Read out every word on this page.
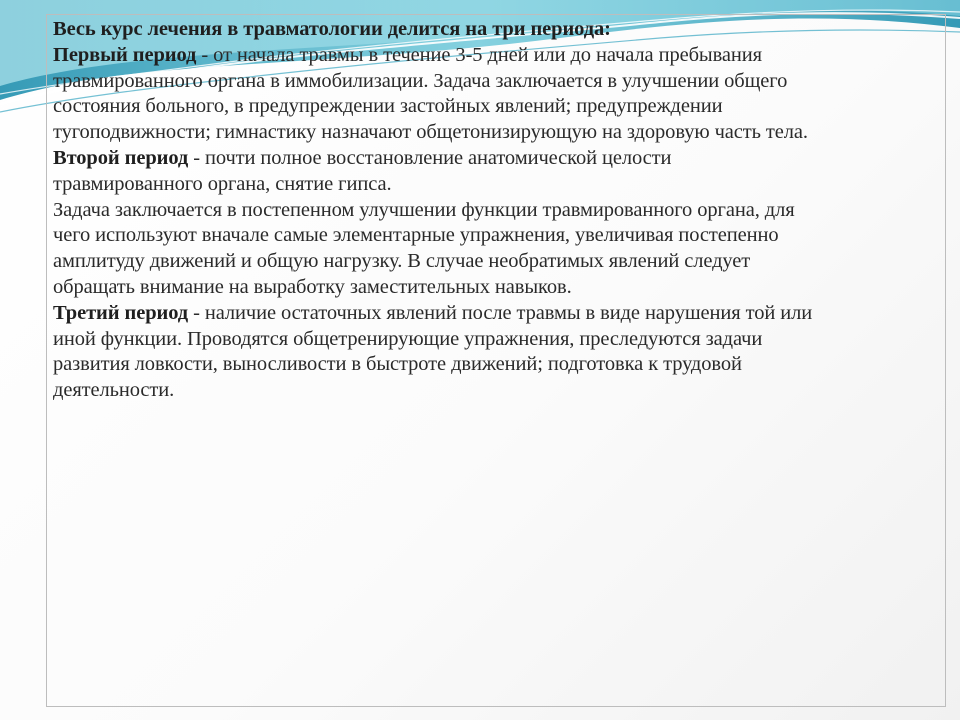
Весь курс лечения в травматологии делится на три периода:

Первый период - от начала травмы в течение 3-5 дней или до начала пребывания травмированного органа в иммобилизации. Задача заключается в улучшении общего состояния больного, в предупреждении застойных явлений; предупреждении тугоподвижности; гимнастику назначают общетонизирующую на здоровую часть тела.

Второй период - почти полное восстановление анатомической целости травмированного органа, снятие гипса.

Задача заключается в постепенном улучшении функции травмированного органа, для чего используют вначале самые элементарные упражнения, увеличивая постепенно амплитуду движений и общую нагрузку. В случае необратимых явлений следует обращать внимание на выработку заместительных навыков.

Третий период - наличие остаточных явлений после травмы в виде нарушения той или иной функции. Проводятся общетренирующие упражнения, преследуются задачи развития ловкости, выносливости в быстроте движений; подготовка к трудовой деятельности.
